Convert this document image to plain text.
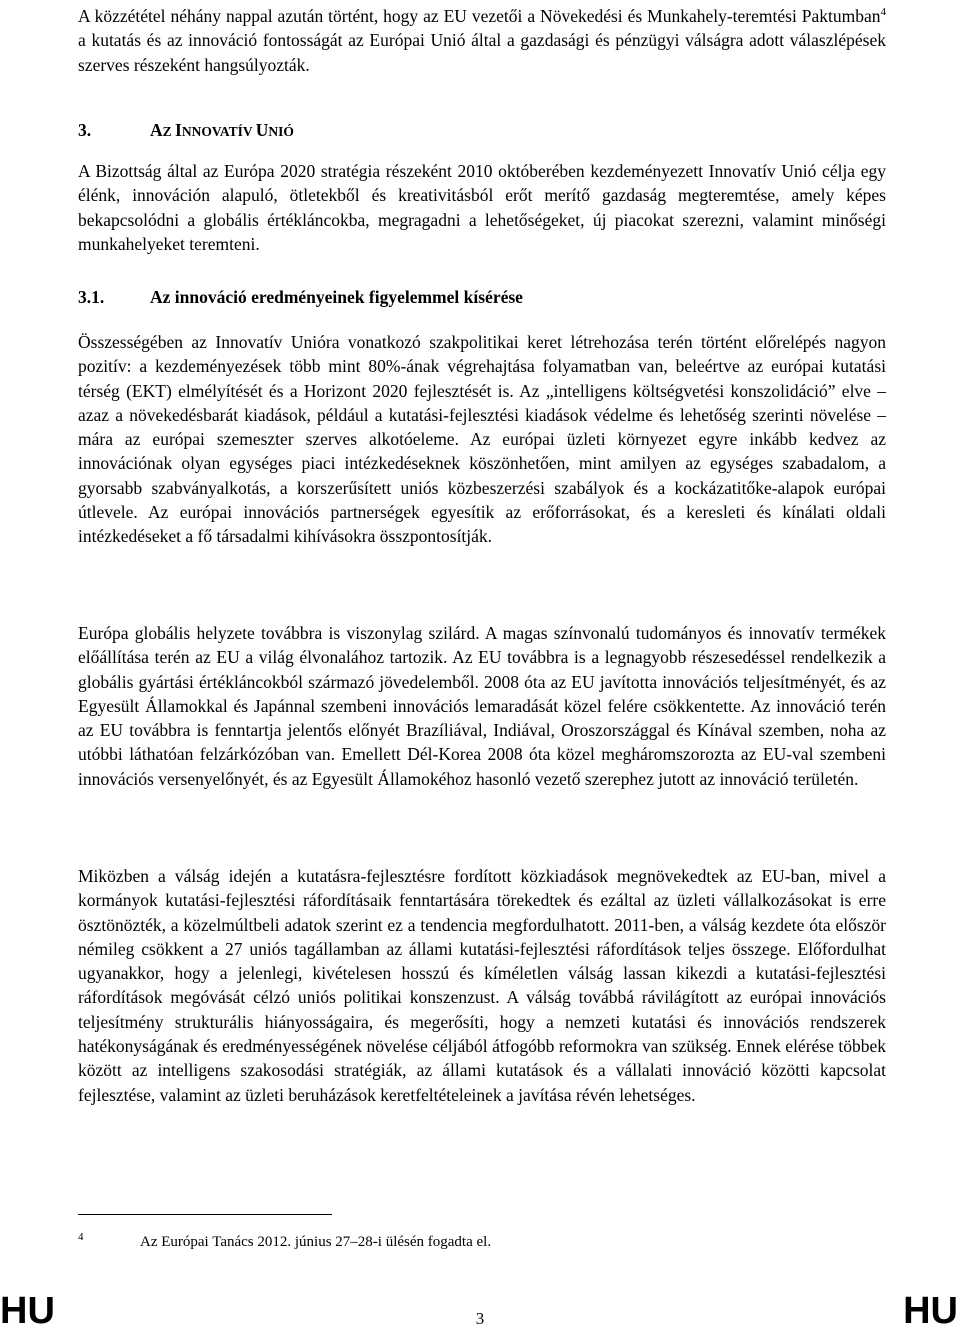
A közzététel néhány nappal azután történt, hogy az EU vezetői a Növekedési és Munkahely-teremtési Paktumban$^4$ a kutatás és az innováció fontosságát az Európai Unió által a gazdasági és pénzügyi válságra adott válaszlépések szerves részeként hangsúlyozták.

3.	AZ INNOVATÍV UNIÓ

A Bizottság által az Európa 2020 stratégia részeként 2010 októberében kezdeményezett Innovatív Unió célja egy élénk, innováción alapuló, ötletekből és kreativitásból erőt merítő gazdaság megteremtése, amely képes bekapcsolódni a globális értékláncokba, megragadni a lehetőségeket, új piacokat szerezni, valamint minőségi munkahelyeket teremteni.

3.1.	Az innováció eredményeinek figyelemmel kísérése

Összességében az Innovatív Unióra vonatkozó szakpolitikai keret létrehozása terén történt előrelépés nagyon pozitív: a kezdeményezések több mint 80%-ának végrehajtása folyamatban van, beleértve az európai kutatási térség (EKT) elmélyítését és a Horizont 2020 fejlesztését is. Az „intelligens költségvetési konszolidáció” elve – azaz a növekedésbarát kiadások, például a kutatási-fejlesztési kiadások védelme és lehetőség szerinti növelése – mára az európai szemeszter szerves alkotóeleme. Az európai üzleti környezet egyre inkább kedvez az innovációnak olyan egységes piaci intézkedéseknek köszönhetően, mint amilyen az egységes szabadalom, a gyorsabb szabványalkotás, a korszerűsített uniós közbeszerzési szabályok és a kockázatitőke-alapok európai útlevele. Az európai innovációs partnerségek egyesítik az erőforrásokat, és a keresleti és kínálati oldali intézkedéseket a fő társadalmi kihívásokra összpontosítják.

Európa globális helyzete továbbra is viszonylag szilárd. A magas színvonalú tudományos és innovatív termékek előállítása terén az EU a világ élvonalához tartozik. Az EU továbbra is a legnagyobb részesedéssel rendelkezik a globális gyártási értékláncokból származó jövedelemből. 2008 óta az EU javította innovációs teljesítményét, és az Egyesült Államokkal és Japánnal szembeni innovációs lemaradását közel felére csökkentette. Az innováció terén az EU továbbra is fenntartja jelentős előnyét Brazíliával, Indiával, Oroszországgal és Kínával szemben, noha az utóbbi láthatóan felzárkózóban van. Emellett Dél-Korea 2008 óta közel megháromszorozta az EU-val szembeni innovációs versenyelőnyét, és az Egyesült Államokéhoz hasonló vezető szerephez jutott az innováció területén.

Miközben a válság idején a kutatásra-fejlesztésre fordított közkiadások megnövekedtek az EU-ban, mivel a kormányok kutatási-fejlesztési ráfordításaik fenntartására törekedtek és ezáltal az üzleti vállalkozásokat is erre ösztönözték, a közelmúltbeli adatok szerint ez a tendencia megfordulhatott. 2011-ben, a válság kezdete óta először némileg csökkent a 27 uniós tagállamban az állami kutatási-fejlesztési ráfordítások teljes összege. Előfordulhat ugyanakkor, hogy a jelenlegi, kivételesen hosszú és kíméletlen válság lassan kikezdi a kutatási-fejlesztési ráfordítások megóvását célzó uniós politikai konszenzust. A válság továbbá rávilágított az európai innovációs teljesítmény strukturális hiányosságaira, és megerősíti, hogy a nemzeti kutatási és innovációs rendszerek hatékonyságának és eredményességének növelése céljából átfogóbb reformokra van szükség. Ennek elérése többek között az intelligens szakosodási stratégiák, az állami kutatások és a vállalati innováció közötti kapcsolat fejlesztése, valamint az üzleti beruházások keretfeltételeinek a javítása révén lehetséges.

4	Az Európai Tanács 2012. június 27–28-i ülésén fogadta el.
HU	3	HU
